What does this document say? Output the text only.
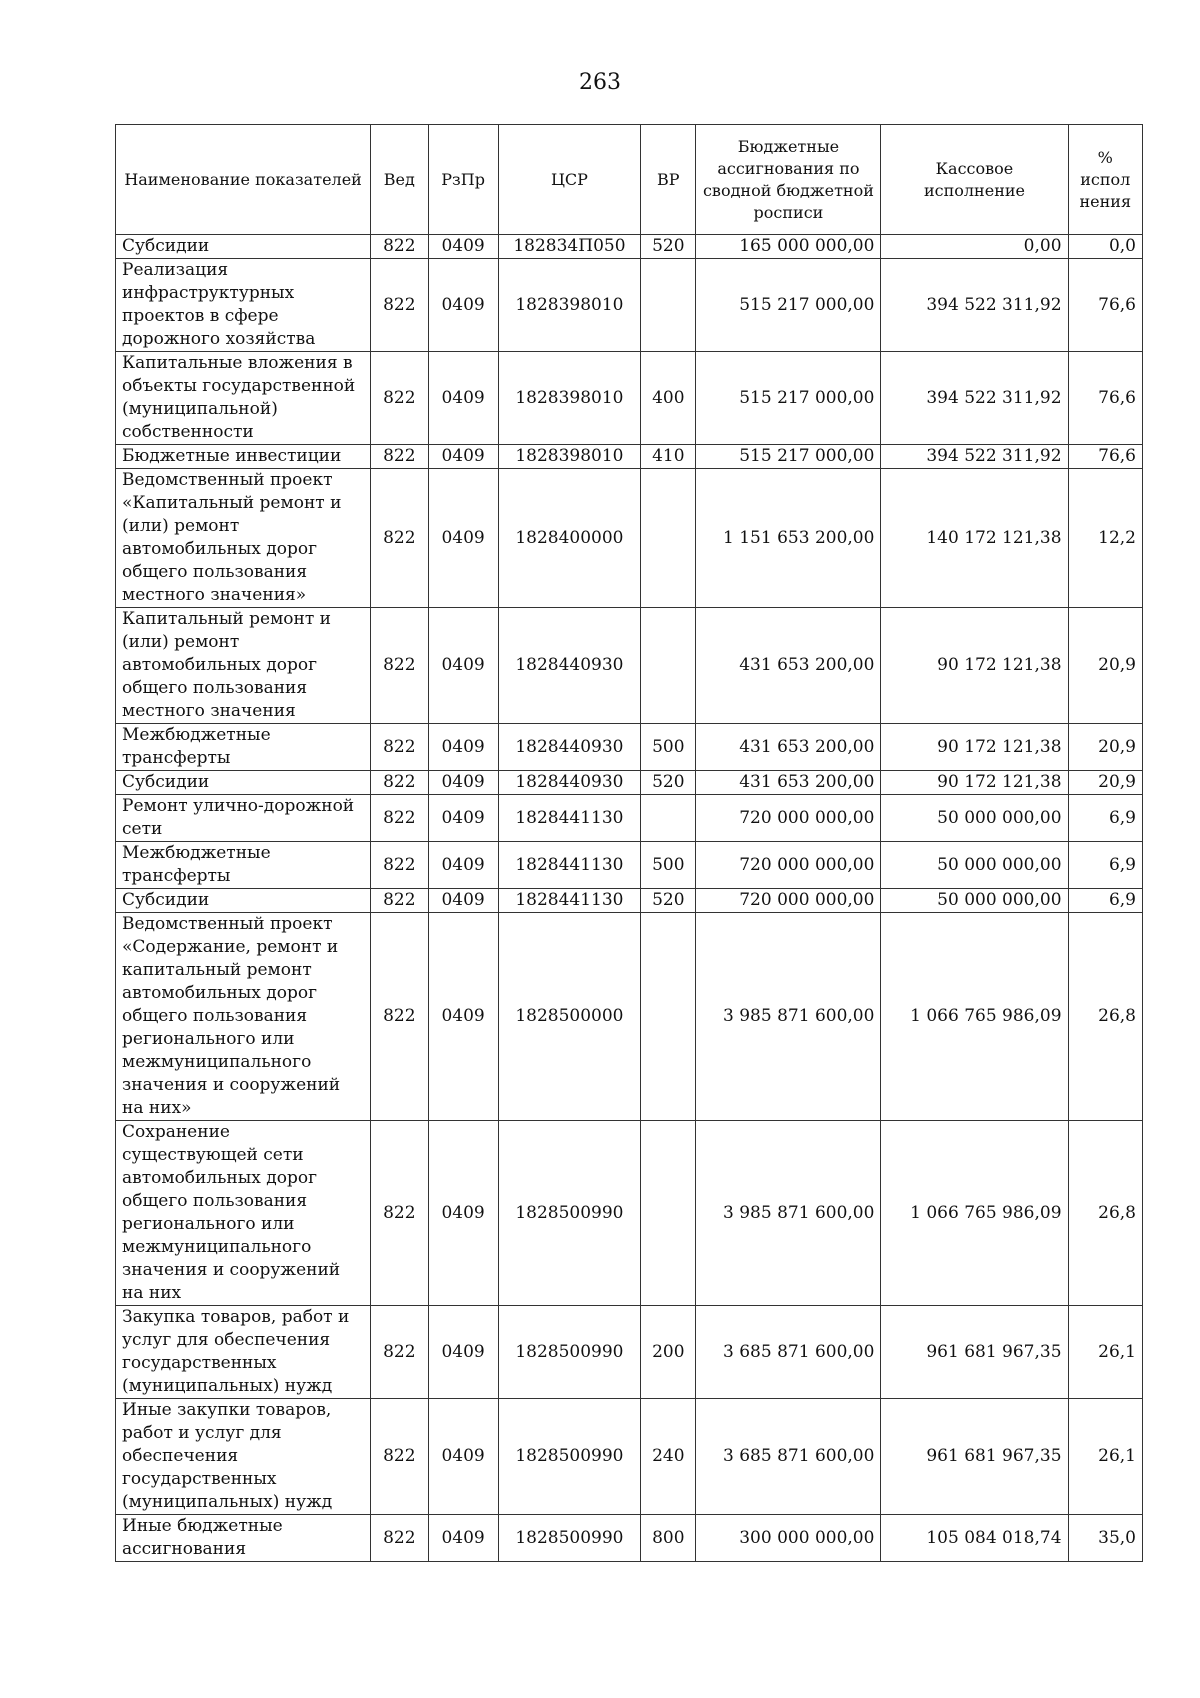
263
Наименование показателей	Вед	РзПр	ЦСР	ВР	Бюджетные ассигнования по сводной бюджетной росписи	Кассовое исполнение	% испол нения
Субсидии	822	0409	182834П050	520	165 000 000,00	0,00	0,0
Реализация инфраструктурных проектов в сфере дорожного хозяйства	822	0409	1828398010		515 217 000,00	394 522 311,92	76,6
Капитальные вложения в объекты государственной (муниципальной) собственности	822	0409	1828398010	400	515 217 000,00	394 522 311,92	76,6
Бюджетные инвестиции	822	0409	1828398010	410	515 217 000,00	394 522 311,92	76,6
Ведомственный проект «Капитальный ремонт и (или) ремонт автомобильных дорог общего пользования местного значения»	822	0409	1828400000		1 151 653 200,00	140 172 121,38	12,2
Капитальный ремонт и (или) ремонт автомобильных дорог общего пользования местного значения	822	0409	1828440930		431 653 200,00	90 172 121,38	20,9
Межбюджетные трансферты	822	0409	1828440930	500	431 653 200,00	90 172 121,38	20,9
Субсидии	822	0409	1828440930	520	431 653 200,00	90 172 121,38	20,9
Ремонт улично-дорожной сети	822	0409	1828441130		720 000 000,00	50 000 000,00	6,9
Межбюджетные трансферты	822	0409	1828441130	500	720 000 000,00	50 000 000,00	6,9
Субсидии	822	0409	1828441130	520	720 000 000,00	50 000 000,00	6,9
Ведомственный проект «Содержание, ремонт и капитальный ремонт автомобильных дорог общего пользования регионального или межмуниципального значения и сооружений на них»	822	0409	1828500000		3 985 871 600,00	1 066 765 986,09	26,8
Сохранение существующей сети автомобильных дорог общего пользования регионального или межмуниципального значения и сооружений на них	822	0409	1828500990		3 985 871 600,00	1 066 765 986,09	26,8
Закупка товаров, работ и услуг для обеспечения государственных (муниципальных) нужд	822	0409	1828500990	200	3 685 871 600,00	961 681 967,35	26,1
Иные закупки товаров, работ и услуг для обеспечения государственных (муниципальных) нужд	822	0409	1828500990	240	3 685 871 600,00	961 681 967,35	26,1
Иные бюджетные ассигнования	822	0409	1828500990	800	300 000 000,00	105 084 018,74	35,0
